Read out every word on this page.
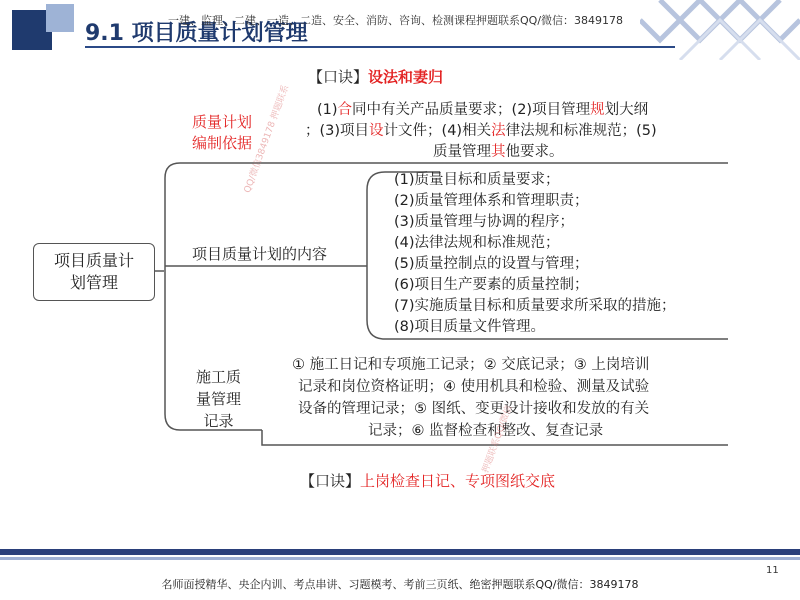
9.1 项目质量计划管理
一建、监理、二建、一造、二造、安全、消防、咨询、检测课程押题联系QQ/微信：3849178
【口诀】设法和妻归
项目质量计
划管理
质量计划
编制依据
(1)合同中有关产品质量要求；(2)项目管理规划大纲
；(3)项目设计文件；(4)相关法律法规和标准规范；(5)
质量管理其他要求。
项目质量计划的内容
(1)质量目标和质量要求；
(2)质量管理体系和管理职责；
(3)质量管理与协调的程序；
(4)法律法规和标准规范；
(5)质量控制点的设置与管理；
(6)项目生产要素的质量控制；
(7)实施质量目标和质量要求所采取的措施；
(8)项目质量文件管理。
施工质
量管理
记录
① 施工日记和专项施工记录；② 交底记录；③ 上岗培训
记录和岗位资格证明；④ 使用机具和检验、测量及试验
设备的管理记录；⑤ 图纸、变更设计接收和发放的有关
记录；⑥ 监督检查和整改、复查记录
QQ/微信3849178 押题联系
押题联系QQ/微信
【口诀】上岗检查日记、专项图纸交底
11
名师面授精华、央企内训、考点串讲、习题模考、考前三页纸、绝密押题联系QQ/微信：3849178
